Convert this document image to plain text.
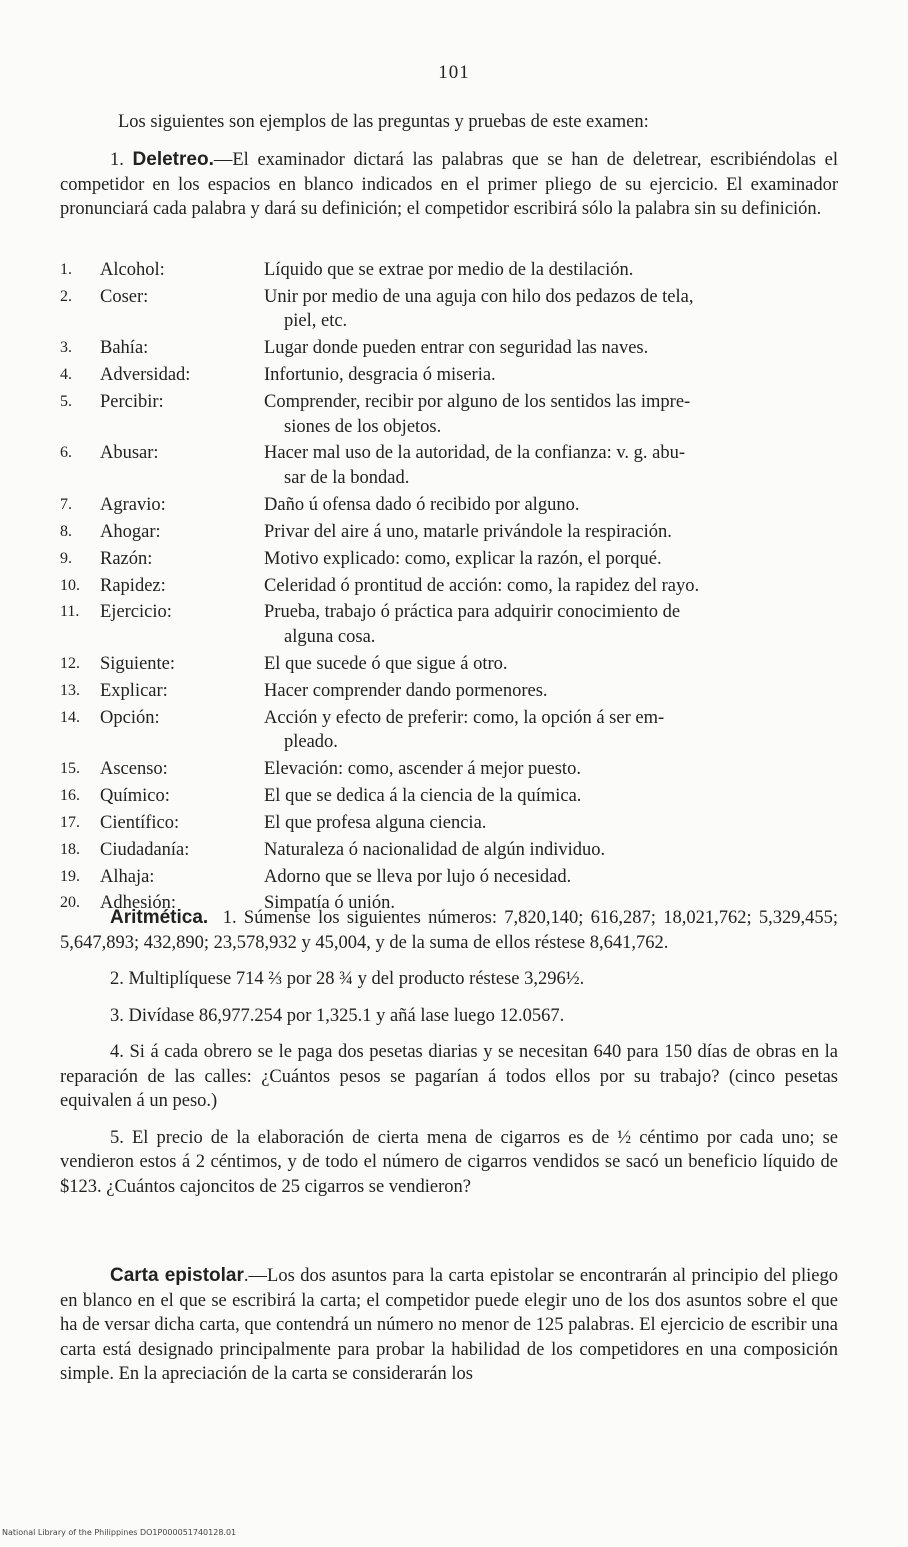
101
Los siguientes son ejemplos de las preguntas y pruebas de este examen:

1. Deletreo.—El examinador dictará las palabras que se han de deletrear, escribiéndolas el competidor en los espacios en blanco indicados en el primer pliego de su ejercicio. El examinador pronunciará cada palabra y dará su definición; el competidor escribirá sólo la palabra sin su definición.

1.	Alcohol:	Líquido que se extrae por medio de la destilación.
2.	Coser:	Unir por medio de una aguja con hilo dos pedazos de tela,
piel, etc.
3.	Bahía:	Lugar donde pueden entrar con seguridad las naves.
4.	Adversidad:	Infortunio, desgracia ó miseria.
5.	Percibir:	Comprender, recibir por alguno de los sentidos las impre-
siones de los objetos.
6.	Abusar:	Hacer mal uso de la autoridad, de la confianza: v. g. abu-
sar de la bondad.
7.	Agravio:	Daño ú ofensa dado ó recibido por alguno.
8.	Ahogar:	Privar del aire á uno, matarle privándole la respiración.
9.	Razón:	Motivo explicado: como, explicar la razón, el porqué.
10.	Rapidez:	Celeridad ó prontitud de acción: como, la rapidez del rayo.
11.	Ejercicio:	Prueba, trabajo ó práctica para adquirir conocimiento de
alguna cosa.
12.	Siguiente:	El que sucede ó que sigue á otro.
13.	Explicar:	Hacer comprender dando pormenores.
14.	Opción:	Acción y efecto de preferir: como, la opción á ser em-
pleado.
15.	Ascenso:	Elevación: como, ascender á mejor puesto.
16.	Químico:	El que se dedica á la ciencia de la química.
17.	Científico:	El que profesa alguna ciencia.
18.	Ciudadanía:	Naturaleza ó nacionalidad de algún individuo.
19.	Alhaja:	Adorno que se lleva por lujo ó necesidad.
20.	Adhesión:	Simpatía ó unión.

Aritmética. 1. Súmense los siguientes números: 7,820,140; 616,287; 18,021,762; 5,329,455; 5,647,893; 432,890; 23,578,932 y 45,004, y de la suma de ellos réstese 8,641,762.

2. Multiplíquese 714 ⅔ por 28 ¾ y del producto réstese 3,296½.

3. Divídase 86,977.254 por 1,325.1 y añá lase luego 12.0567.

4. Si á cada obrero se le paga dos pesetas diarias y se necesitan 640 para 150 días de obras en la reparación de las calles: ¿Cuántos pesos se pagarían á todos ellos por su trabajo? (cinco pesetas equivalen á un peso.)

5. El precio de la elaboración de cierta mena de cigarros es de ½ céntimo por cada uno; se vendieron estos á 2 céntimos, y de todo el número de cigarros vendidos se sacó un beneficio líquido de $123. ¿Cuántos cajoncitos de 25 cigarros se vendieron?

Carta epistolar.—Los dos asuntos para la carta epistolar se encontrarán al principio del pliego en blanco en el que se escribirá la carta; el competidor puede elegir uno de los dos asuntos sobre el que ha de versar dicha carta, que contendrá un número no menor de 125 palabras. El ejercicio de escribir una carta está designado principalmente para probar la habilidad de los competidores en una composición simple. En la apreciación de la carta se considerarán los

National Library of the Philippines DO1P000051740128.01
